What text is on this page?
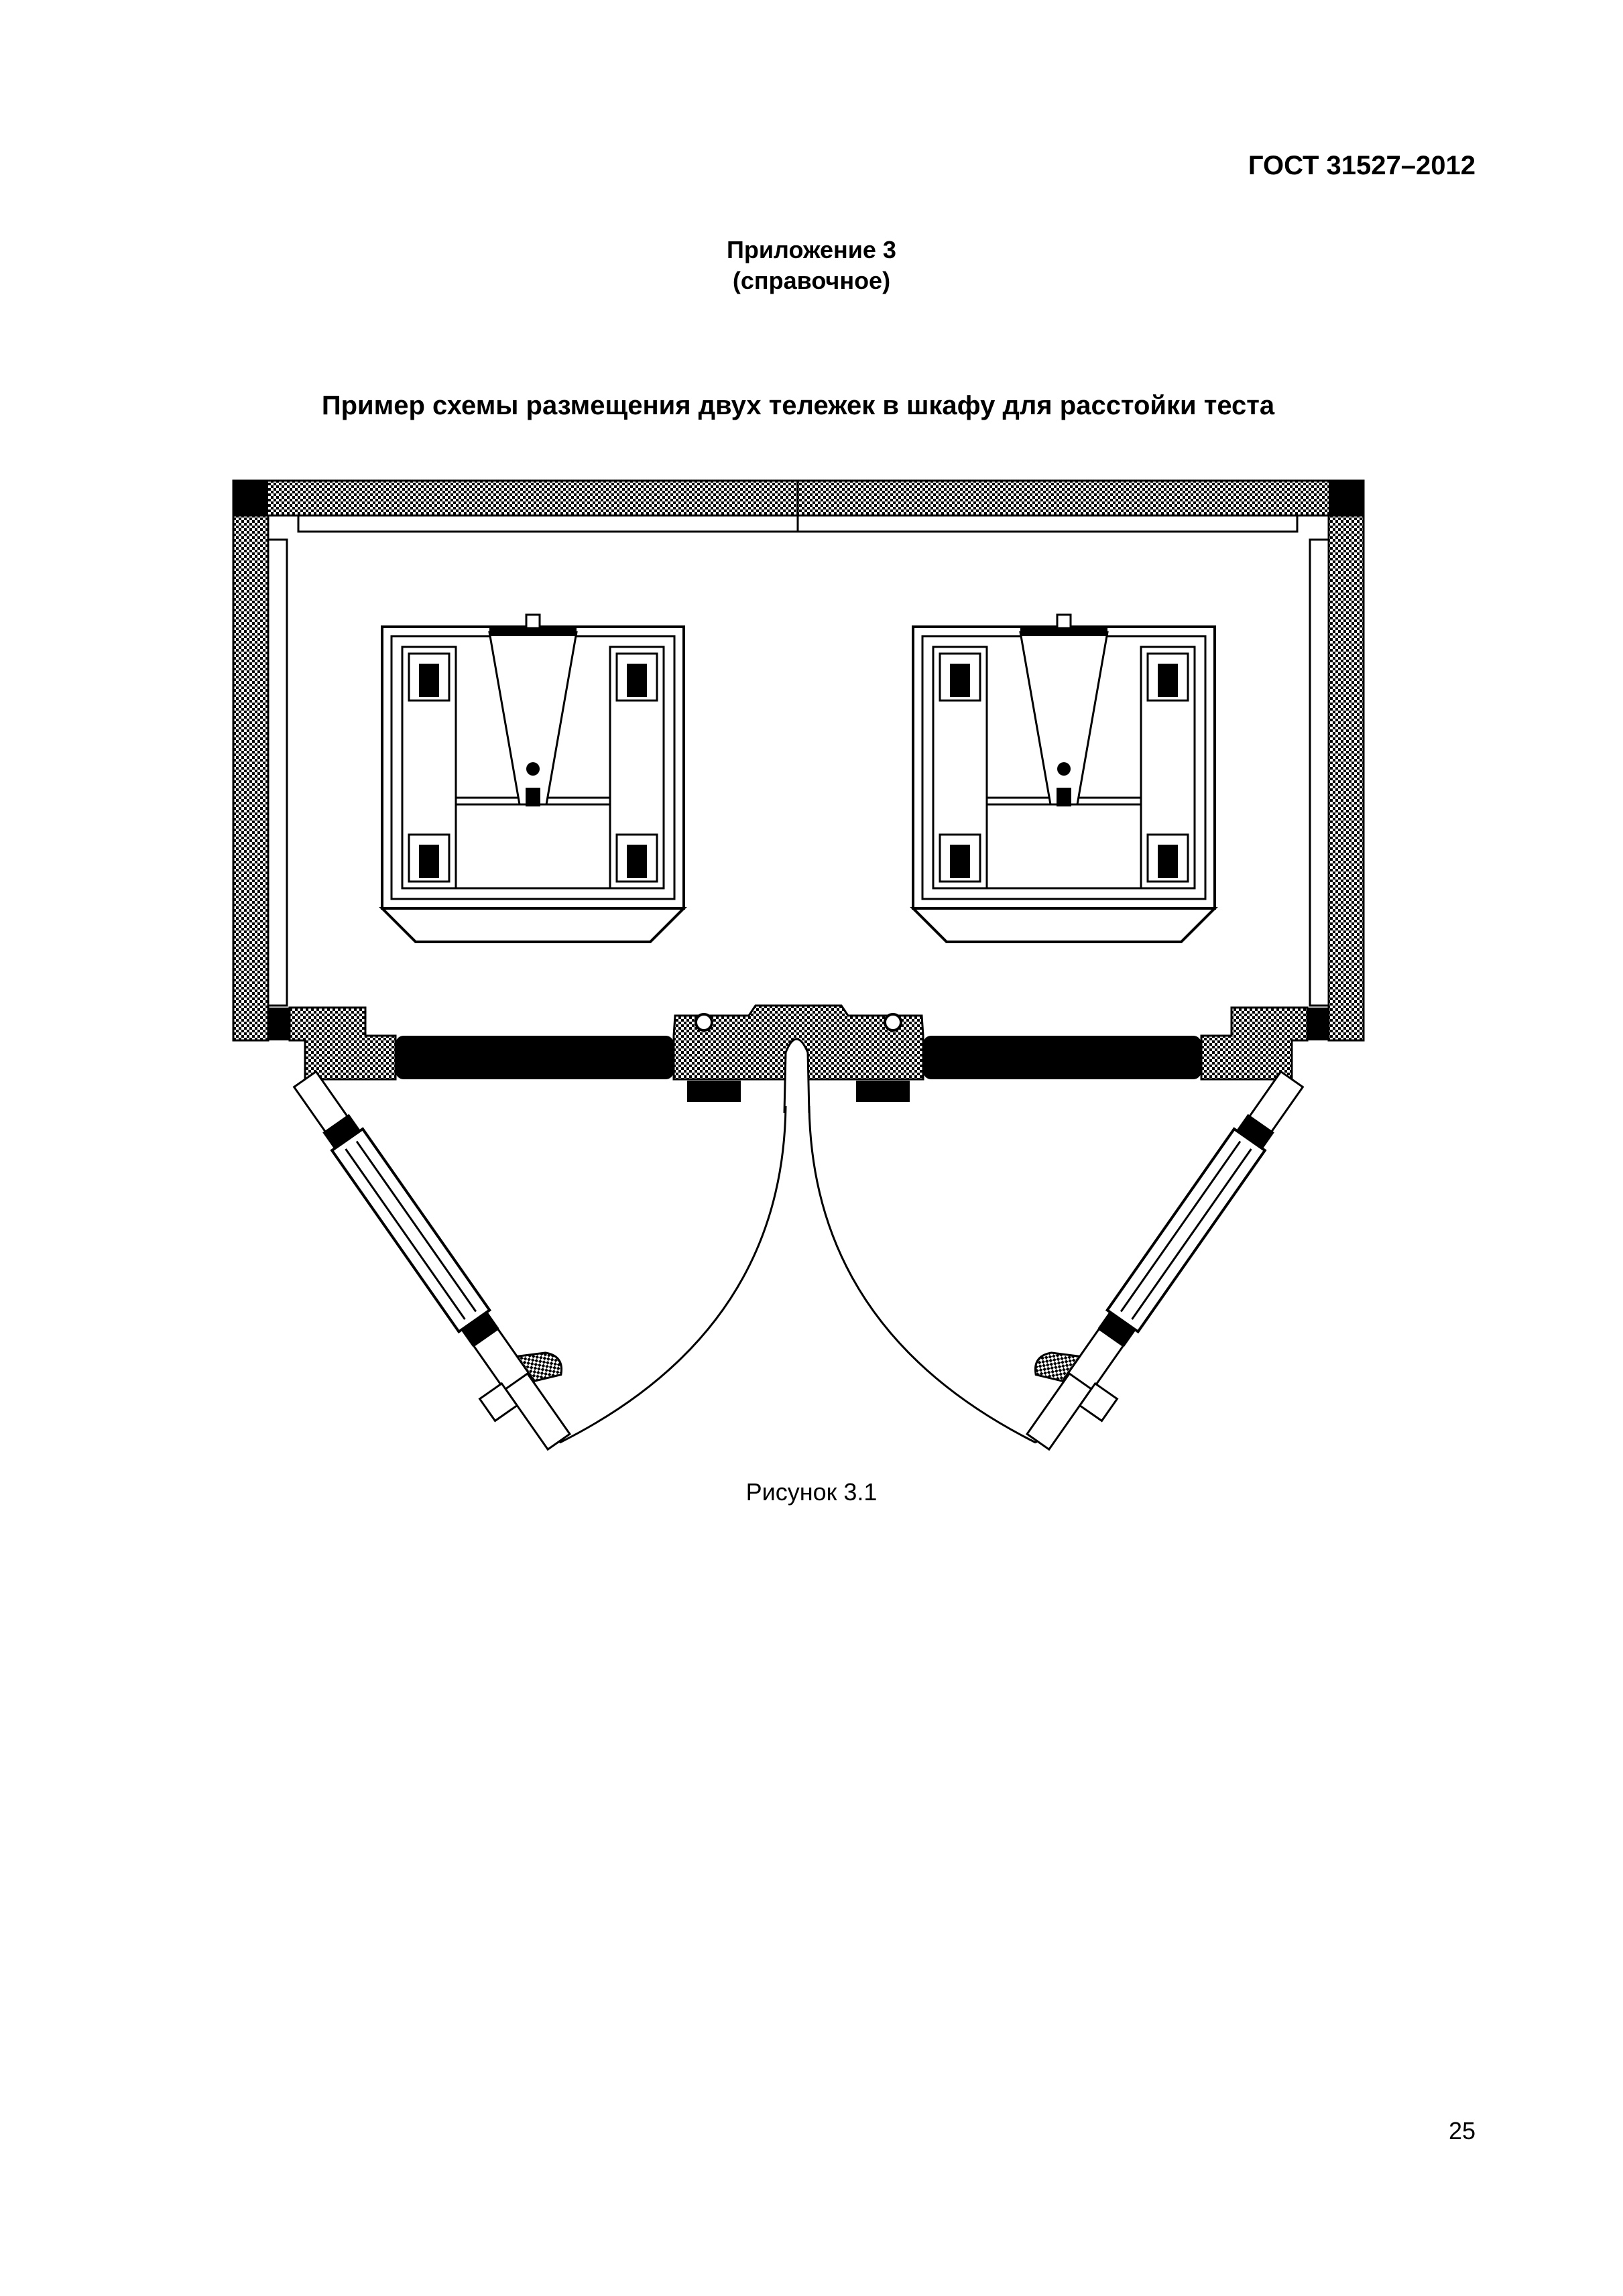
ГОСТ 31527–2012
Приложение 3
(справочное)
Пример схемы размещения двух тележек в шкафу для расстойки теста
Рисунок 3.1
25
